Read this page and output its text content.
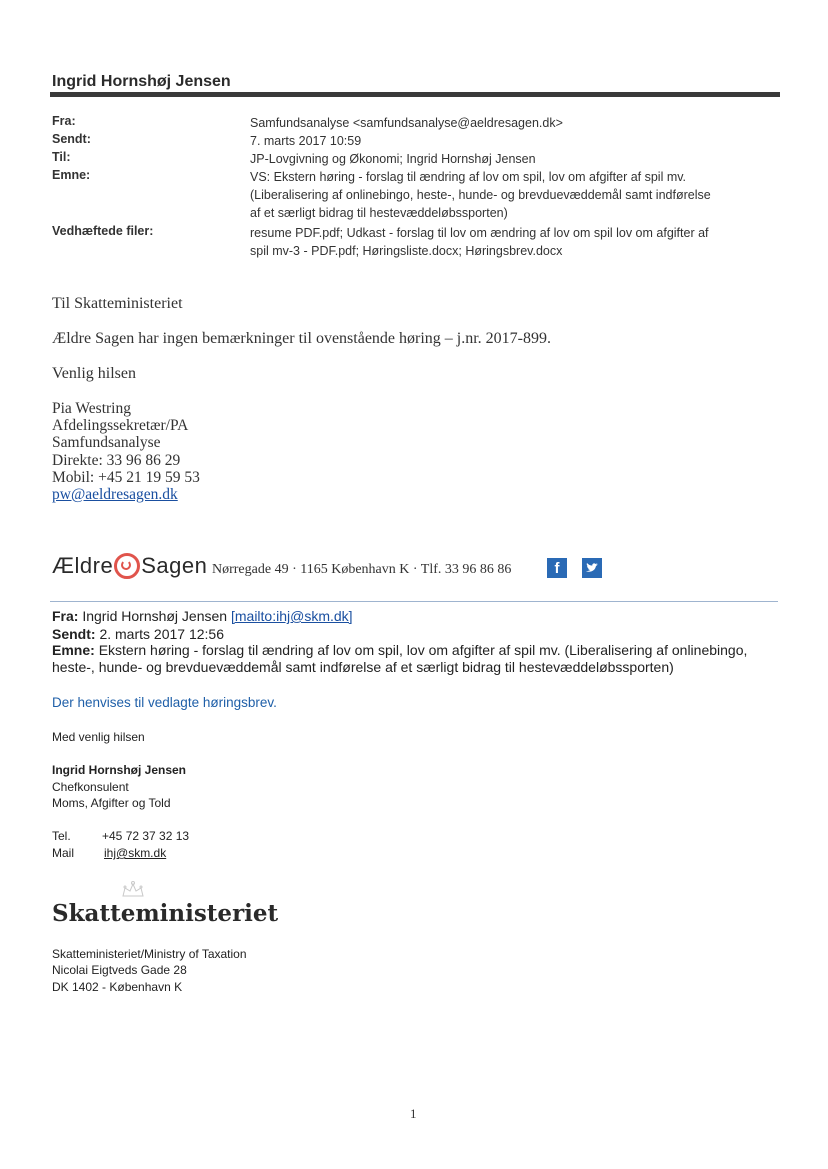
Ingrid Hornshøj Jensen
Fra:	Samfundsanalyse <samfundsanalyse@aeldresagen.dk>
Sendt:	7. marts 2017 10:59
Til:	JP-Lovgivning og Økonomi; Ingrid Hornshøj Jensen
Emne:	VS: Ekstern høring - forslag til ændring af lov om spil, lov om afgifter af spil mv.
(Liberalisering af onlinebingo, heste-, hunde- og brevduevæddemål samt indførelse
af et særligt bidrag til hestevæddeløbssporten)
Vedhæftede filer:	resume PDF.pdf; Udkast - forslag til lov om ændring af lov om spil lov om afgifter af
spil mv-3 - PDF.pdf; Høringsliste.docx; Høringsbrev.docx
Til Skatteministeriet
Ældre Sagen har ingen bemærkninger til ovenstående høring – j.nr. 2017-899.
Venlig hilsen
Pia Westring
Afdelingssekretær/PA
Samfundsanalyse
Direkte: 33 96 86 29
Mobil: +45 21 19 59 53
pw@aeldresagen.dk
Ældre Sagen Nørregade 49 · 1165 København K · Tlf. 33 96 86 86	f
Fra: Ingrid Hornshøj Jensen [mailto:ihj@skm.dk]
Sendt: 2. marts 2017 12:56
Emne: Ekstern høring - forslag til ændring af lov om spil, lov om afgifter af spil mv. (Liberalisering af onlinebingo,
heste-, hunde- og brevduevæddemål samt indførelse af et særligt bidrag til hestevæddeløbssporten)
Der henvises til vedlagte høringsbrev.
Med venlig hilsen
Ingrid Hornshøj Jensen
Chefkonsulent
Moms, Afgifter og Told
Tel.	+45 72 37 32 13
Mail ihj@skm.dk
Skatteministeriet
Skatteministeriet/Ministry of Taxation
Nicolai Eigtveds Gade 28
DK 1402 - København K
1
